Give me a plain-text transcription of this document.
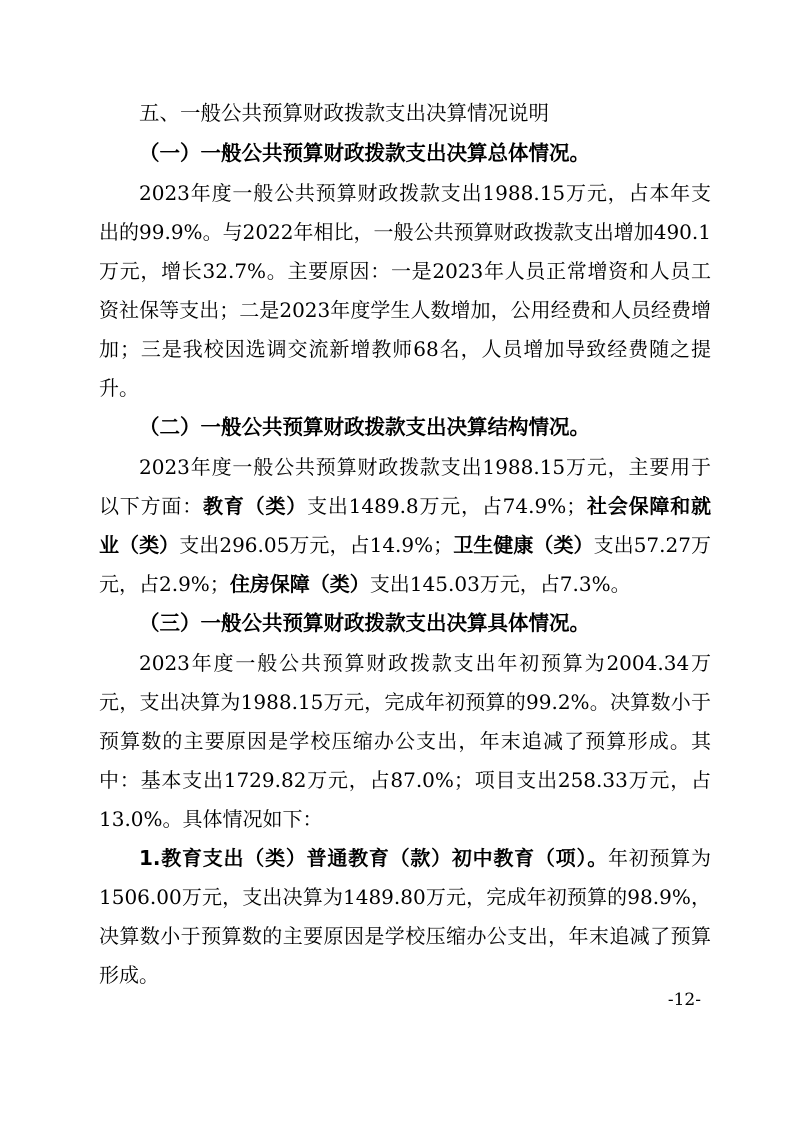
五、一般公共预算财政拨款支出决算情况说明

（一）一般公共预算财政拨款支出决算总体情况。

2023年度一般公共预算财政拨款支出1988.15万元，占本年支出的99.9%。与2022年相比，一般公共预算财政拨款支出增加490.1万元，增长32.7%。主要原因：一是2023年人员正常增资和人员工资社保等支出；二是2023年度学生人数增加，公用经费和人员经费增加；三是我校因选调交流新增教师68名，人员增加导致经费随之提升。

（二）一般公共预算财政拨款支出决算结构情况。

2023年度一般公共预算财政拨款支出1988.15万元，主要用于以下方面：教育（类）支出1489.8万元，占74.9%；社会保障和就业（类）支出296.05万元，占14.9%；卫生健康（类）支出57.27万元，占2.9%；住房保障（类）支出145.03万元，占7.3%。

（三）一般公共预算财政拨款支出决算具体情况。

2023年度一般公共预算财政拨款支出年初预算为2004.34万元，支出决算为1988.15万元，完成年初预算的99.2%。决算数小于预算数的主要原因是学校压缩办公支出，年末追减了预算形成。其中：基本支出1729.82万元，占87.0%；项目支出258.33万元，占13.0%。具体情况如下：

1.教育支出（类）普通教育（款）初中教育（项）。年初预算为1506.00万元，支出决算为1489.80万元，完成年初预算的98.9%，决算数小于预算数的主要原因是学校压缩办公支出，年末追减了预算形成。

-12-
